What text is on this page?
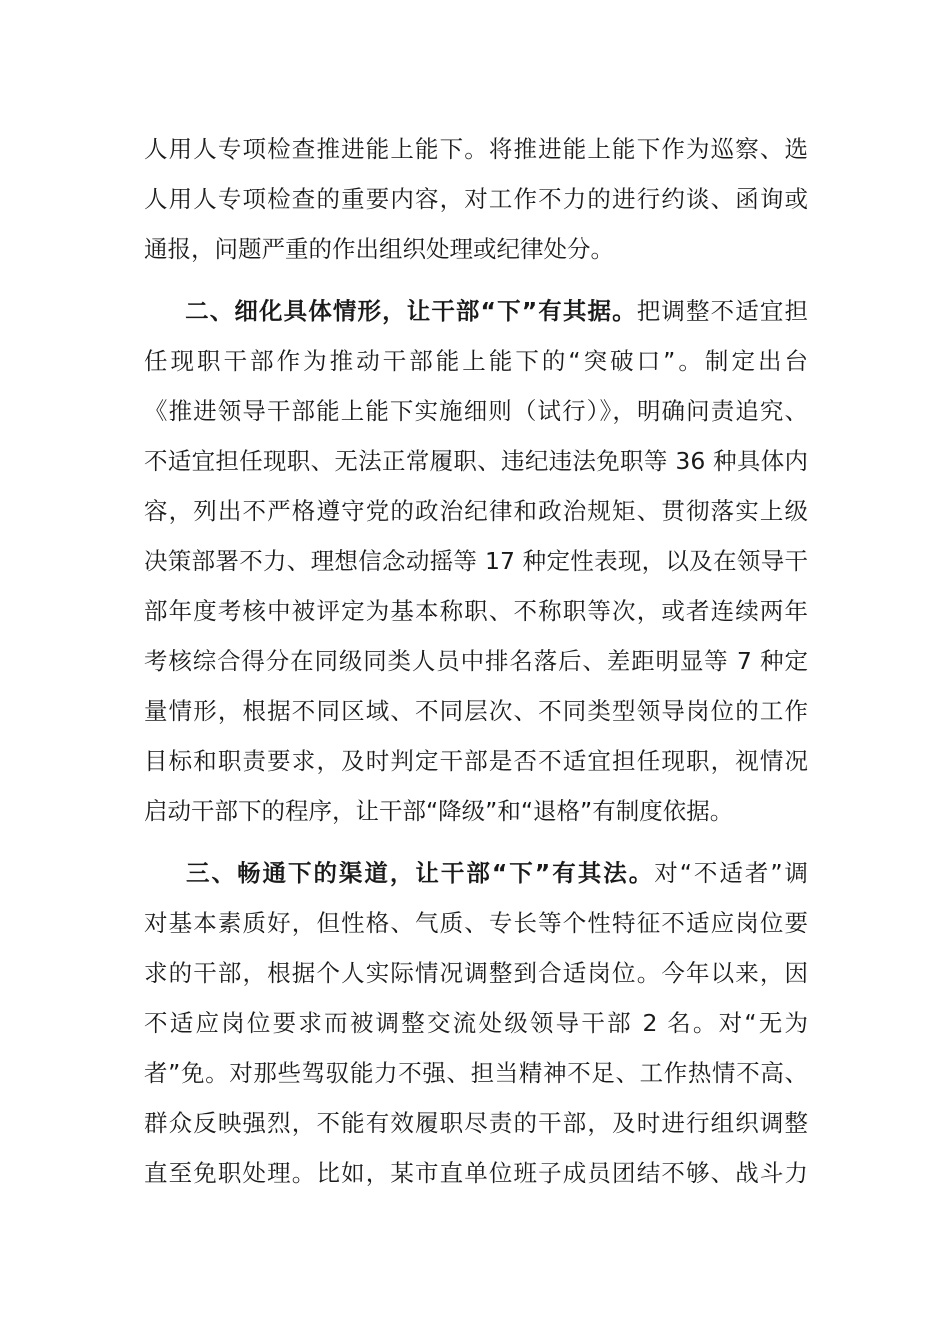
人用人专项检查推进能上能下。将推进能上能下作为巡察、选
人用人专项检查的重要内容，对工作不力的进行约谈、函询或
通报，问题严重的作出组织处理或纪律处分。
二、细化具体情形，让干部“下”有其据。把调整不适宜担
任现职干部作为推动干部能上能下的“突破口”。制定出台
《推进领导干部能上能下实施细则（试行）》，明确问责追究、
不适宜担任现职、无法正常履职、违纪违法免职等 36 种具体内
容，列出不严格遵守党的政治纪律和政治规矩、贯彻落实上级
决策部署不力、理想信念动摇等 17 种定性表现，以及在领导干
部年度考核中被评定为基本称职、不称职等次，或者连续两年
考核综合得分在同级同类人员中排名落后、差距明显等 7 种定
量情形，根据不同区域、不同层次、不同类型领导岗位的工作
目标和职责要求，及时判定干部是否不适宜担任现职，视情况
启动干部下的程序，让干部“降级”和“退格”有制度依据。
三、畅通下的渠道，让干部“下”有其法。对“不适者”调
对基本素质好，但性格、气质、专长等个性特征不适应岗位要
求的干部，根据个人实际情况调整到合适岗位。今年以来，因
不适应岗位要求而被调整交流处级领导干部 2 名。对“无为
者”免。对那些驾驭能力不强、担当精神不足、工作热情不高、
群众反映强烈，不能有效履职尽责的干部，及时进行组织调整
直至免职处理。比如，某市直单位班子成员团结不够、战斗力
